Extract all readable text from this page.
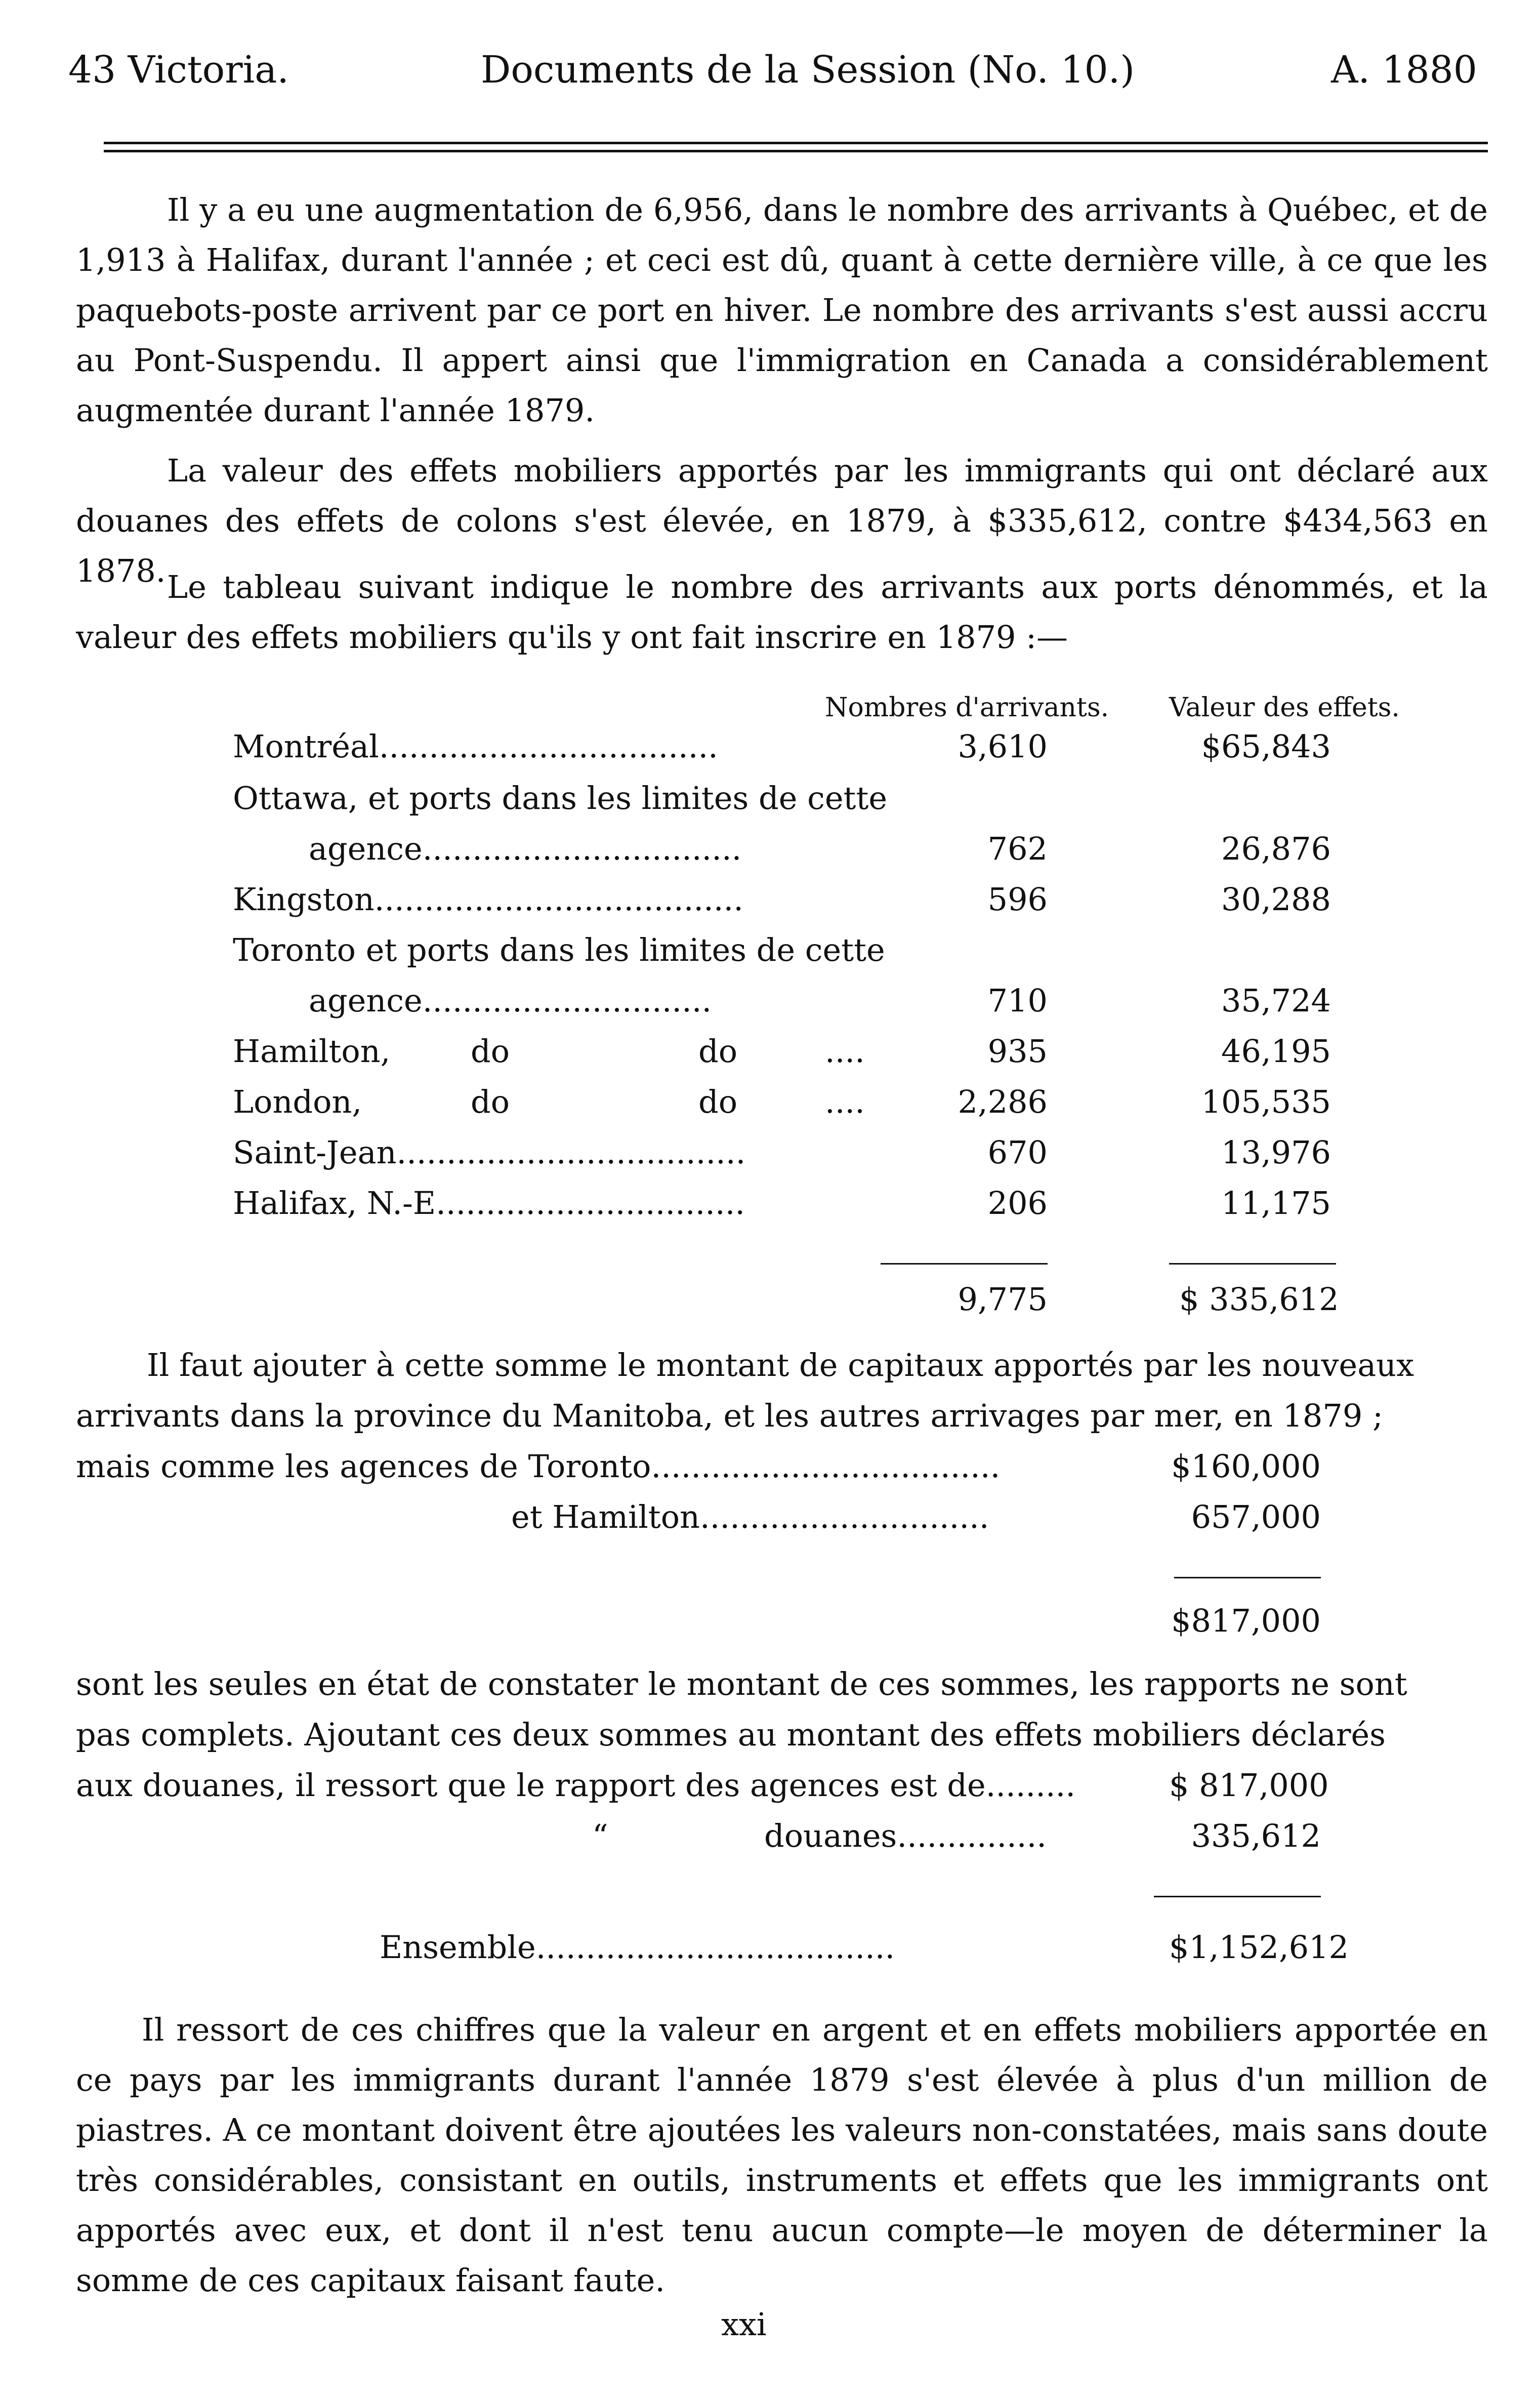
43 Victoria.	Documents de la Session (No. 10.)	A. 1880

Il y a eu une augmentation de 6,956, dans le nombre des arrivants à Québec, et de 1,913 à Halifax, durant l'année ; et ceci est dû, quant à cette dernière ville, à ce que les paquebots-poste arrivent par ce port en hiver. Le nombre des arrivants s'est aussi accru au Pont-Suspendu. Il appert ainsi que l'immigration en Canada a considérablement augmentée durant l'année 1879.

La valeur des effets mobiliers apportés par les immigrants qui ont déclaré aux douanes des effets de colons s'est élevée, en 1879, à $335,612, contre $434,563 en 1878. Le tableau suivant indique le nombre des arrivants aux ports dénommés, et la valeur des effets mobiliers qu'ils y ont fait inscrire en 1879 :—

Nombres d'arrivants. Valeur des effets.
Montréal..................................	3,610	$65,843
Ottawa, et ports dans les limites de cette
agence................................	762	26,876
Kingston.....................................	596	30,288
Toronto et ports dans les limites de cette
agence.............................	710	35,724
Hamilton,	do	do	....	935	46,195
London,	do	do	....	2,286	105,535
Saint-Jean...................................	670	13,976
Halifax, N.-E...............................	206	11,175
9,775	$ 335,612
Il faut ajouter à cette somme le montant de capitaux apportés par les nouveaux
arrivants dans la province du Manitoba, et les autres arrivages par mer, en 1879 ;
mais comme les agences de Toronto...................................	$160,000
et Hamilton.............................	657,000
$817,000
sont les seules en état de constater le montant de ces sommes, les rapports ne sont
pas complets. Ajoutant ces deux sommes au montant des effets mobiliers déclarés
aux douanes, il ressort que le rapport des agences est de.........	$ 817,000
“	douanes...............	335,612
Ensemble....................................	$1,152,612

Il ressort de ces chiffres que la valeur en argent et en effets mobiliers apportée en ce pays par les immigrants durant l'année 1879 s'est élevée à plus d'un million de piastres. A ce montant doivent être ajoutées les valeurs non-constatées, mais sans doute très considérables, consistant en outils, instruments et effets que les immigrants ont apportés avec eux, et dont il n'est tenu aucun compte—le moyen de déterminer la somme de ces capitaux faisant faute.

xxi
